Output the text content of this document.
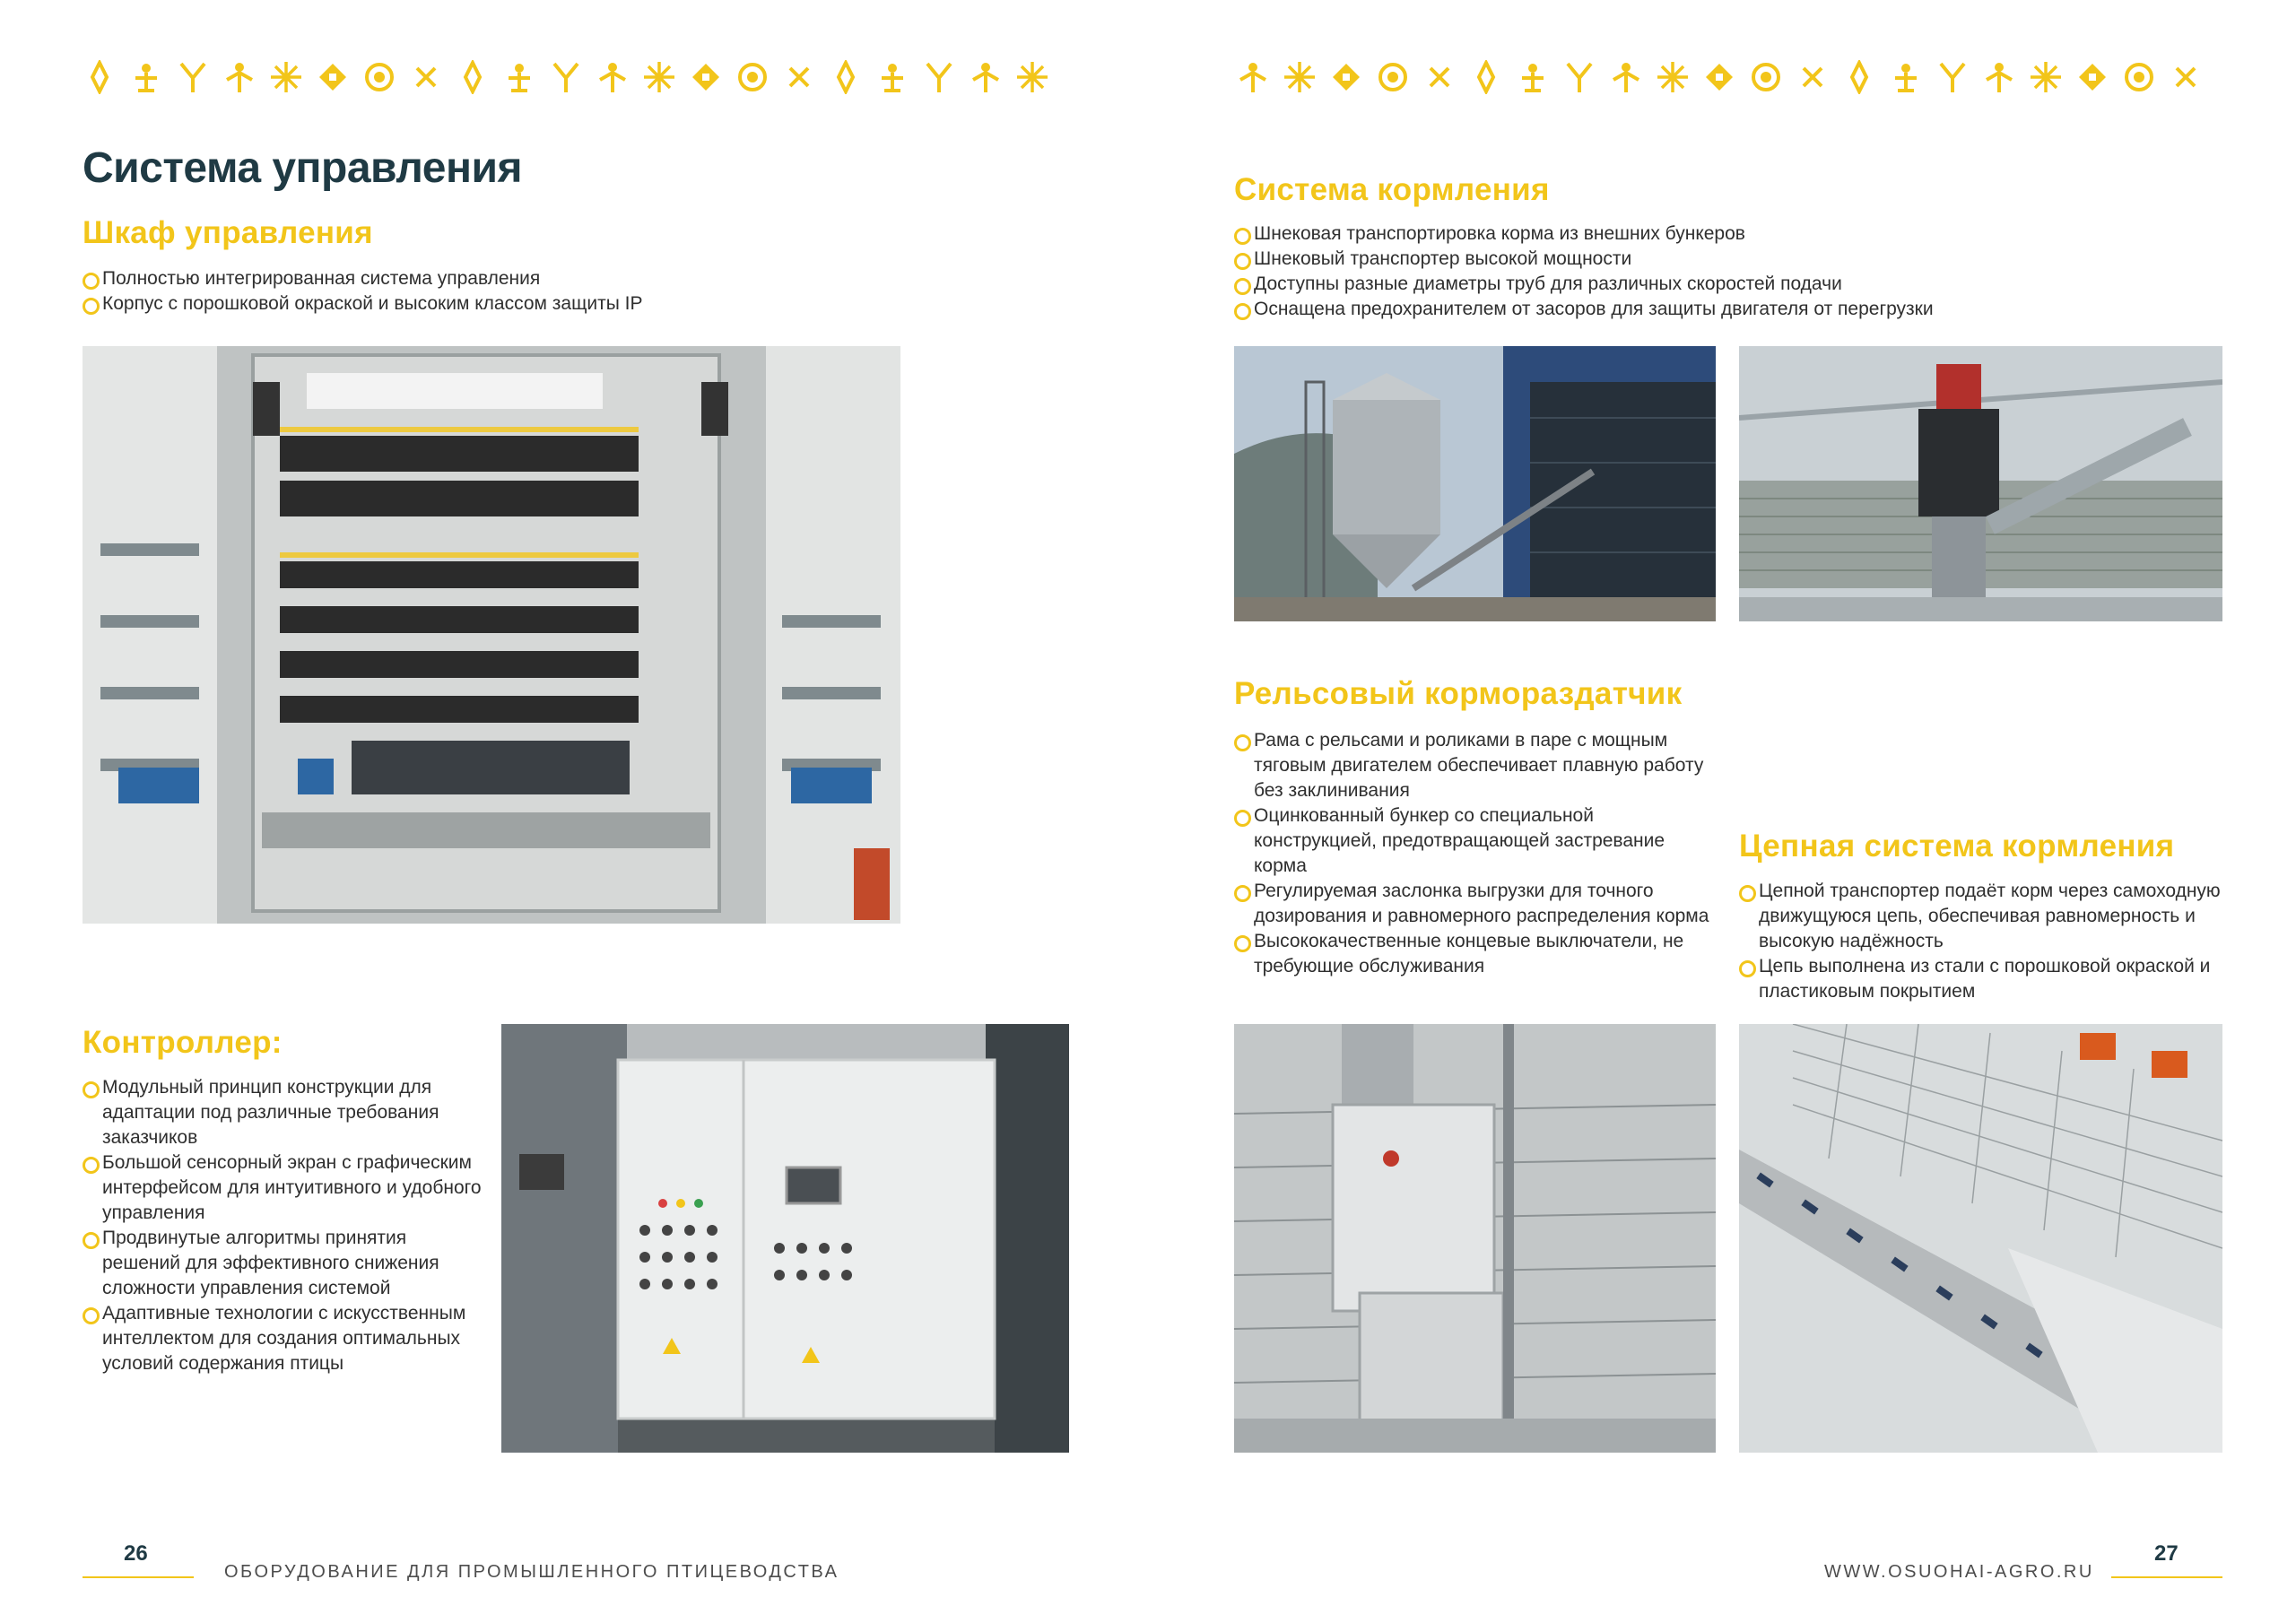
Система управления
Шкаф управления
Полностью интегрированная система управления
Корпус с порошковой окраской и высоким классом защиты IP
Контроллер:
Модульный принцип конструкции для адаптации под различные требования заказчиков
Большой сенсорный экран с графическим интерфейсом для интуитивного и удобного управления
Продвинутые алгоритмы принятия решений для эффективного снижения сложности управления системой
Адаптивные технологии с искусственным интеллектом для создания оптимальных условий содержания птицы
26
ОБОРУДОВАНИЕ ДЛЯ ПРОМЫШЛЕННОГО ПТИЦЕВОДСТВА
Система кормления
Шнековая транспортировка корма из внешних бункеров
Шнековый транспортер высокой мощности
Доступны разные диаметры труб для различных скоростей подачи
Оснащена предохранителем от засоров для защиты двигателя от перегрузки
Рельсовый кормораздатчик
Рама с рельсами и роликами в паре с мощным тяговым двигателем обеспечивает плавную работу без заклинивания
Оцинкованный бункер со специальной конструкцией, предотвращающей застревание корма
Регулируемая заслонка выгрузки для точного дозирования и равномерного распределения корма
Высококачественные концевые выключатели, не требующие обслуживания
Цепная система кормления
Цепной транспортер подаёт корм через самоходную движущуюся цепь, обеспечивая равномерность и высокую надёжность
Цепь выполнена из стали с порошковой окраской и пластиковым покрытием
WWW.OSUOHAI-AGRO.RU
27
